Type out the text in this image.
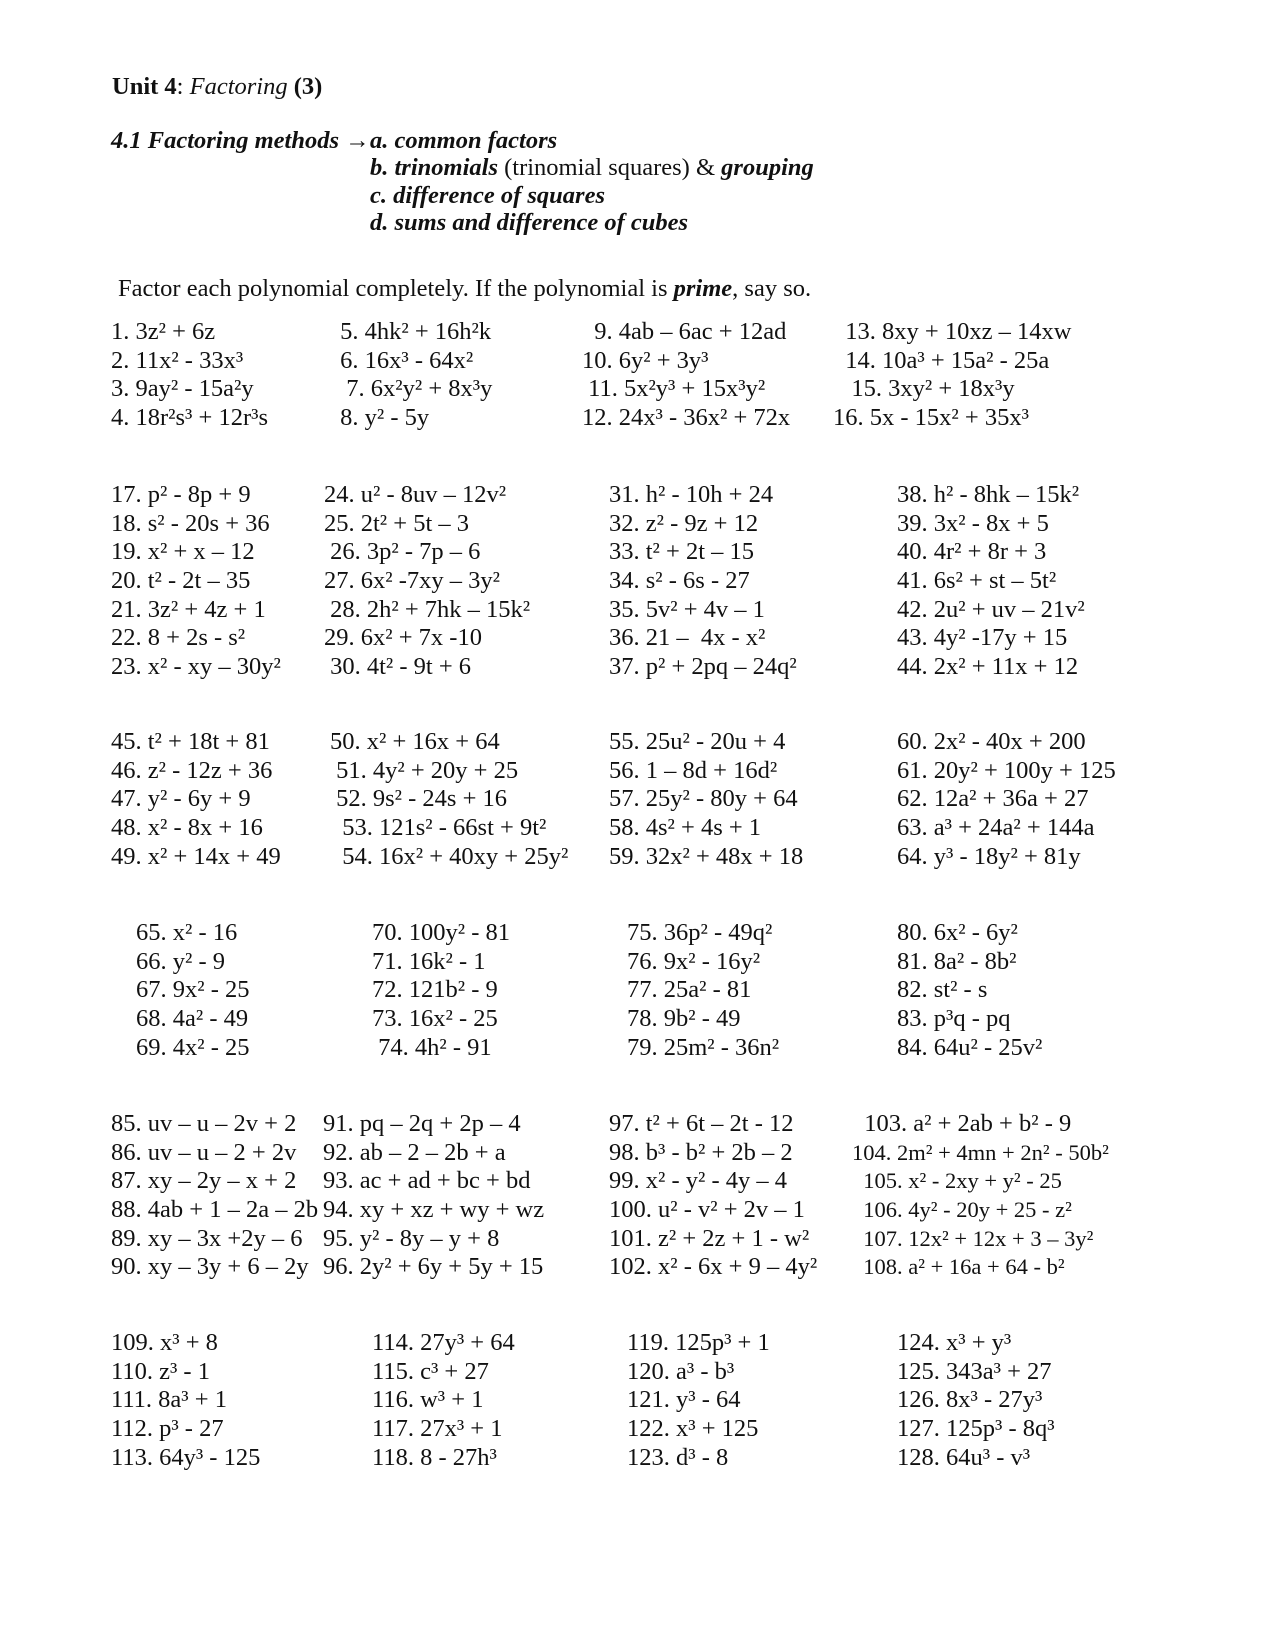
Unit 4: Factoring (3)
4.1 Factoring methods → a. common factors
b. trinomials (trinomial squares) & grouping
c. difference of squares
d. sums and difference of cubes
Factor each polynomial completely. If the polynomial is prime, say so.
1. 3z² + 6z
2. 11x² - 33x³
3. 9ay² - 15a²y
4. 18r²s³ + 12r³s
5. 4hk² + 16h²k
6. 16x³ - 64x²
7. 6x²y² + 8x³y
8. y² - 5y
9. 4ab – 6ac + 12ad
10. 6y² + 3y³
11. 5x²y³ + 15x³y²
12. 24x³ - 36x² + 72x
13. 8xy + 10xz – 14xw
14. 10a³ + 15a² - 25a
15. 3xy² + 18x³y
16. 5x - 15x² + 35x³
17. p² - 8p + 9
18. s² - 20s + 36
19. x² + x – 12
20. t² - 2t – 35
21. 3z² + 4z + 1
22. 8 + 2s - s²
23. x² - xy – 30y²
24. u² - 8uv – 12v²
25. 2t² + 5t – 3
26. 3p² - 7p – 6
27. 6x² -7xy – 3y²
28. 2h² + 7hk – 15k²
29. 6x² + 7x -10
30. 4t² - 9t + 6
31. h² - 10h + 24
32. z² - 9z + 12
33. t² + 2t – 15
34. s² - 6s - 27
35. 5v² + 4v – 1
36. 21 –  4x - x²
37. p² + 2pq – 24q²
38. h² - 8hk – 15k²
39. 3x² - 8x + 5
40. 4r² + 8r + 3
41. 6s² + st – 5t²
42. 2u² + uv – 21v²
43. 4y² -17y + 15
44. 2x² + 11x + 12
45. t² + 18t + 81
46. z² - 12z + 36
47. y² - 6y + 9
48. x² - 8x + 16
49. x² + 14x + 49
50. x² + 16x + 64
51. 4y² + 20y + 25
52. 9s² - 24s + 16
53. 121s² - 66st + 9t²
54. 16x² + 40xy + 25y²
55. 25u² - 20u + 4
56. 1 – 8d + 16d²
57. 25y² - 80y + 64
58. 4s² + 4s + 1
59. 32x² + 48x + 18
60. 2x² - 40x + 200
61. 20y² + 100y + 125
62. 12a² + 36a + 27
63. a³ + 24a² + 144a
64. y³ - 18y² + 81y
65. x² - 16
66. y² - 9
67. 9x² - 25
68. 4a² - 49
69. 4x² - 25
70. 100y² - 81
71. 16k² - 1
72. 121b² - 9
73. 16x² - 25
74. 4h² - 91
75. 36p² - 49q²
76. 9x² - 16y²
77. 25a² - 81
78. 9b² - 49
79. 25m² - 36n²
80. 6x² - 6y²
81. 8a² - 8b²
82. st² - s
83. p³q - pq
84. 64u² - 25v²
85. uv – u – 2v + 2
86. uv – u – 2 + 2v
87. xy – 2y – x + 2
88. 4ab + 1 – 2a – 2b
89. xy – 3x +2y – 6
90. xy – 3y + 6 – 2y
91. pq – 2q + 2p – 4
92. ab – 2 – 2b + a
93. ac + ad + bc + bd
94. xy + xz + wy + wz
95. y² - 8y – y + 8
96. 2y² + 6y + 5y + 15
97. t² + 6t – 2t - 12
98. b³ - b² + 2b – 2
99. x² - y² - 4y – 4
100. u² - v² + 2v – 1
101. z² + 2z + 1 - w²
102. x² - 6x + 9 – 4y²
103. a² + 2ab + b² - 9
104. 2m² + 4mn + 2n² - 50b²
105. x² - 2xy + y² - 25
106. 4y² - 20y + 25 - z²
107. 12x² + 12x + 3 – 3y²
108. a² + 16a + 64 - b²
109. x³ + 8
110. z³ - 1
111. 8a³ + 1
112. p³ - 27
113. 64y³ - 125
114. 27y³ + 64
115. c³ + 27
116. w³ + 1
117. 27x³ + 1
118. 8 - 27h³
119. 125p³ + 1
120. a³ - b³
121. y³ - 64
122. x³ + 125
123. d³ - 8
124. x³ + y³
125. 343a³ + 27
126. 8x³ - 27y³
127. 125p³ - 8q³
128. 64u³ - v³
